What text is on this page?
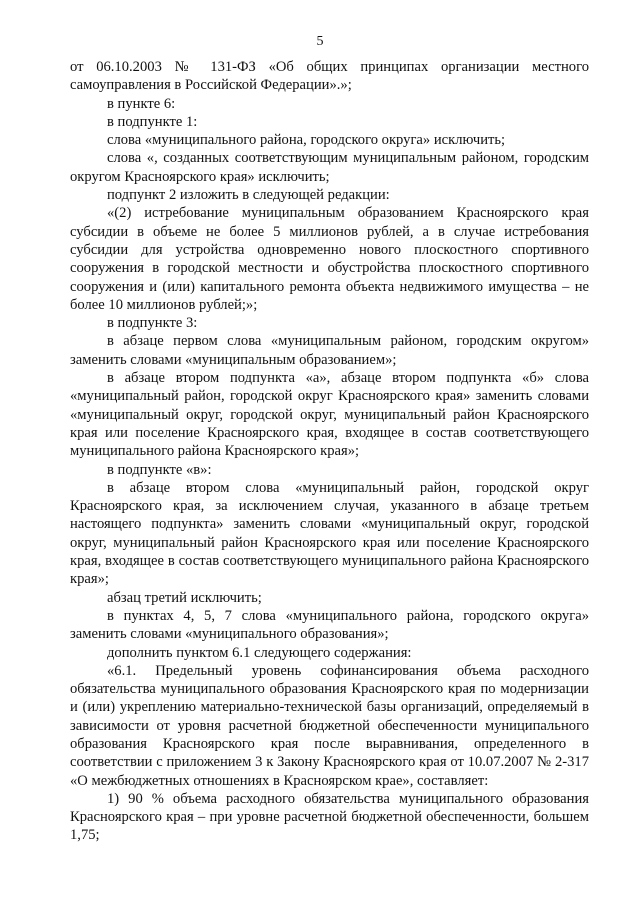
5

от 06.10.2003 № 131-ФЗ «Об общих принципах организации местного самоуправления в Российской Федерации».»;

в пункте 6:

в подпункте 1:

слова «муниципального района, городского округа» исключить;

слова «, созданных соответствующим муниципальным районом, городским округом Красноярского края» исключить;

подпункт 2 изложить в следующей редакции:

«(2) истребование муниципальным образованием Красноярского края субсидии в объеме не более 5 миллионов рублей, а в случае истребования субсидии для устройства одновременно нового плоскостного спортивного сооружения в городской местности и обустройства плоскостного спортивного сооружения и (или) капитального ремонта объекта недвижимого имущества – не более 10 миллионов рублей;»;

в подпункте 3:

в абзаце первом слова «муниципальным районом, городским округом» заменить словами «муниципальным образованием»;

в абзаце втором подпункта «а», абзаце втором подпункта «б» слова «муниципальный район, городской округ Красноярского края» заменить словами «муниципальный округ, городской округ, муниципальный район Красноярского края или поселение Красноярского края, входящее в состав соответствующего муниципального района Красноярского края»;

в подпункте «в»:

в абзаце втором слова «муниципальный район, городской округ Красноярского края, за исключением случая, указанного в абзаце третьем настоящего подпункта» заменить словами «муниципальный округ, городской округ, муниципальный район Красноярского края или поселение Красноярского края, входящее в состав соответствующего муниципального района Красноярского края»;

абзац третий исключить;

в пунктах 4, 5, 7 слова «муниципального района, городского округа» заменить словами «муниципального образования»;

дополнить пунктом 6.1 следующего содержания:

«6.1. Предельный уровень софинансирования объема расходного обязательства муниципального образования Красноярского края по модернизации и (или) укреплению материально-технической базы организаций, определяемый в зависимости от уровня расчетной бюджетной обеспеченности муниципального образования Красноярского края после выравнивания, определенного в соответствии с приложением 3 к Закону Красноярского края от 10.07.2007 № 2-317 «О межбюджетных отношениях в Красноярском крае», составляет:

1) 90 % объема расходного обязательства муниципального образования Красноярского края – при уровне расчетной бюджетной обеспеченности, большем 1,75;
